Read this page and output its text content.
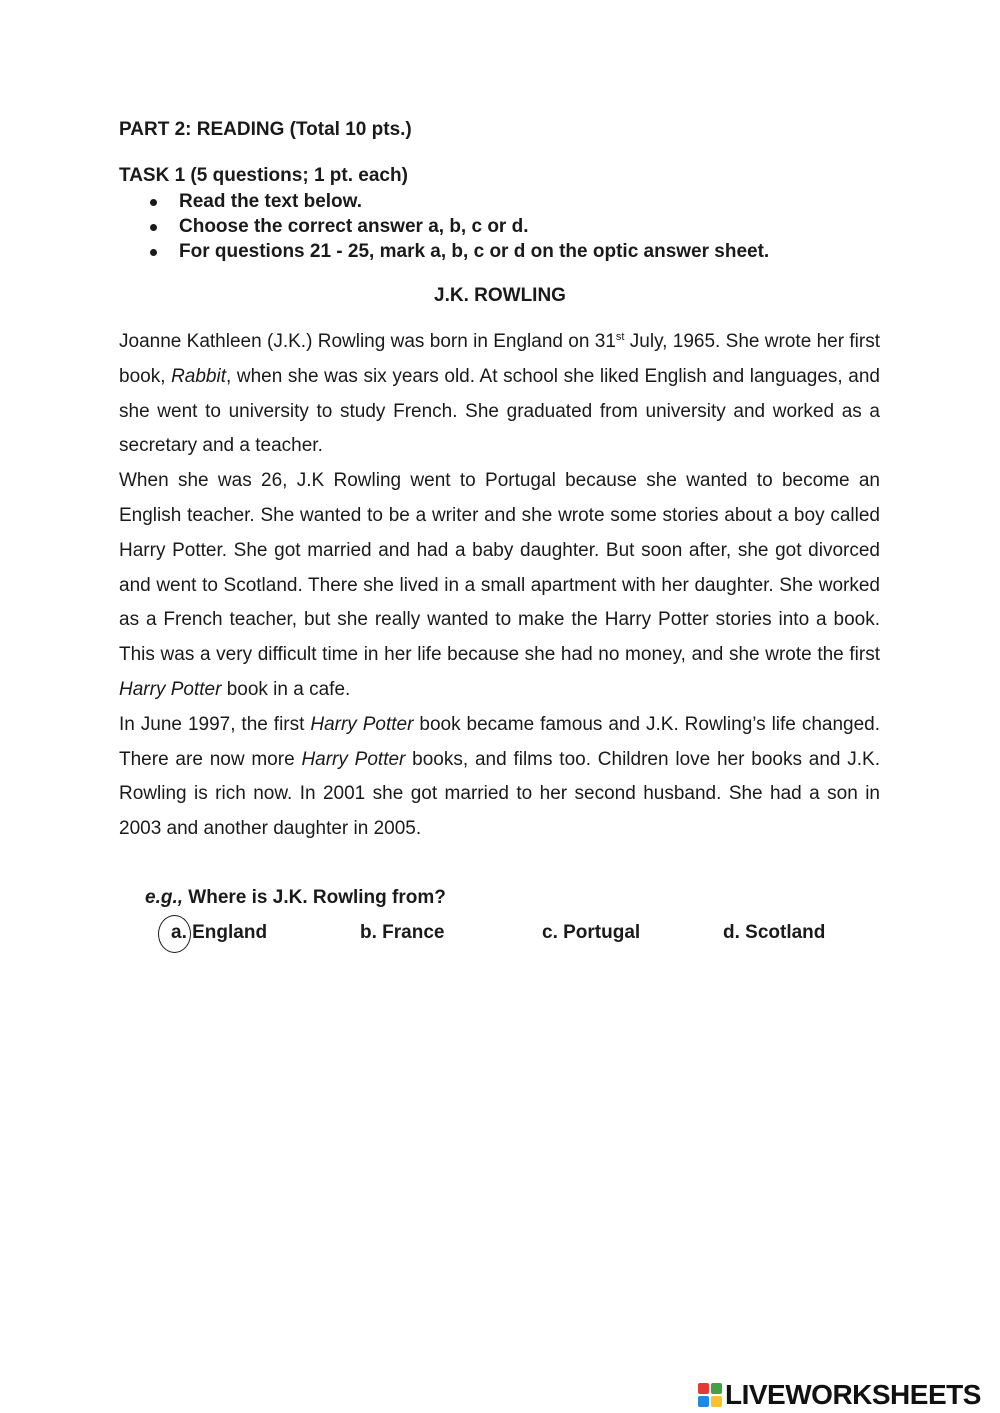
PART 2: READING (Total 10 pts.)
TASK 1 (5 questions; 1 pt. each)
Read the text below.
Choose the correct answer a, b, c or d.
For questions 21 - 25, mark a, b, c or d on the optic answer sheet.
J.K. ROWLING

Joanne Kathleen (J.K.) Rowling was born in England on 31st July, 1965. She wrote her first book, Rabbit, when she was six years old. At school she liked English and languages, and she went to university to study French. She graduated from university and worked as a secretary and a teacher.

When she was 26, J.K Rowling went to Portugal because she wanted to become an English teacher. She wanted to be a writer and she wrote some stories about a boy called Harry Potter. She got married and had a baby daughter. But soon after, she got divorced and went to Scotland. There she lived in a small apartment with her daughter. She worked as a French teacher, but she really wanted to make the Harry Potter stories into a book. This was a very difficult time in her life because she had no money, and she wrote the first Harry Potter book in a cafe.

In June 1997, the first Harry Potter book became famous and J.K. Rowling’s life changed. There are now more Harry Potter books, and films too. Children love her books and J.K. Rowling is rich now. In 2001 she got married to her second husband. She had a son in 2003 and another daughter in 2005.

e.g., Where is J.K. Rowling from?
a. England	b. France	c. Portugal	d. Scotland
LIVEWORKSHEETS
